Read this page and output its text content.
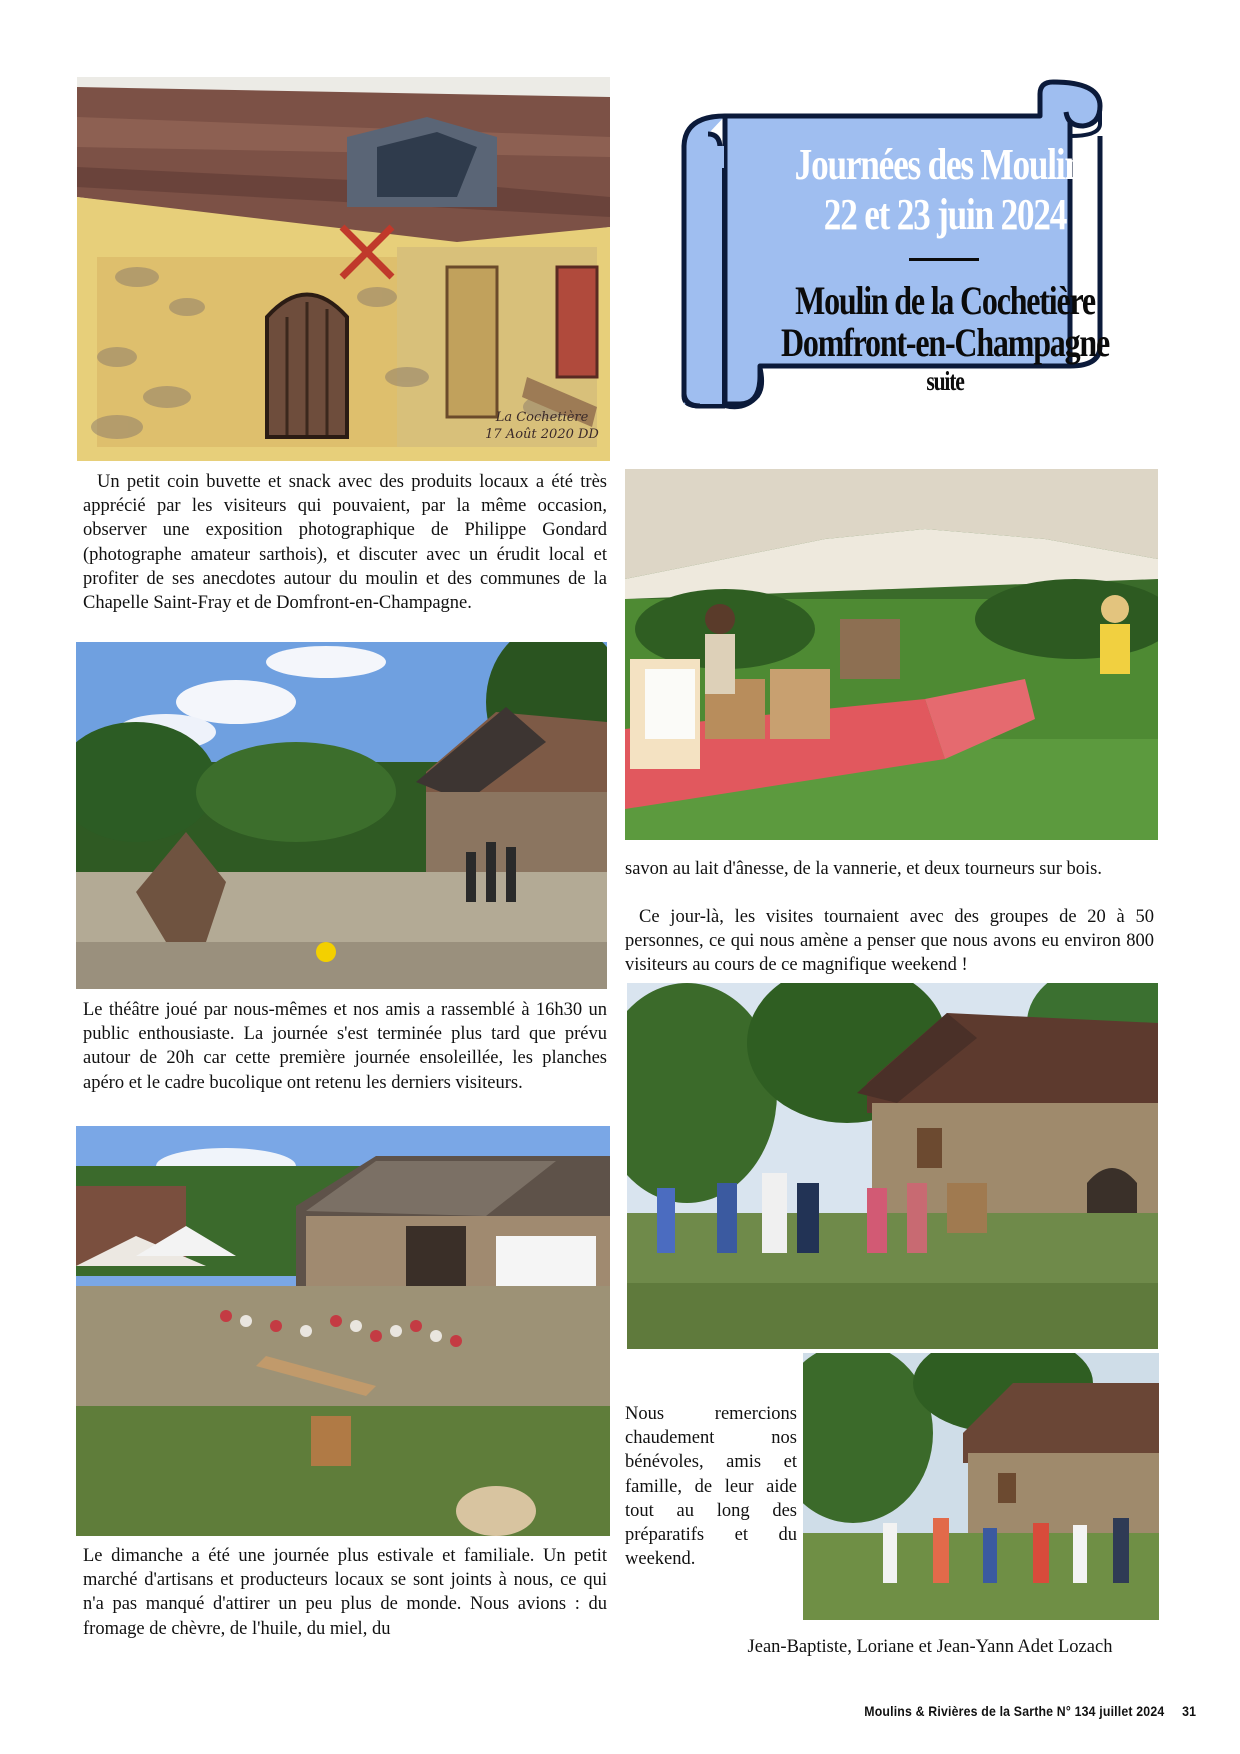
La Cochetière
17 Août 2020 DD

Journées des Moulins

22 et 23 juin 2024

Moulin de la Cochetière

Domfront-en-Champagne

suite

Un petit coin buvette et snack avec des produits locaux a été très apprécié par les visiteurs qui pouvaient, par la même occasion, observer une exposition photographique de Philippe Gondard (photographe amateur sarthois), et discuter avec un érudit local et profiter de ses anecdotes autour du moulin et des communes de la Chapelle Saint-Fray et de Domfront-en-Champagne.

Le théâtre joué par nous-mêmes et nos amis a rassemblé à 16h30 un public enthousiaste. La journée s'est terminée plus tard que prévu autour de 20h car cette première journée ensoleillée, les planches apéro et le cadre bucolique ont retenu les derniers visiteurs.

Le dimanche a été une journée plus estivale et familiale. Un petit marché d'artisans et producteurs locaux se sont joints à nous, ce qui n'a pas manqué d'attirer un peu plus de monde. Nous avions : du fromage de chèvre, de l'huile, du miel, du

savon au lait d'ânesse, de la vannerie, et deux tourneurs sur bois.

Ce jour-là, les visites tournaient avec des groupes de 20 à 50 personnes, ce qui nous amène a penser que nous avons eu environ 800 visiteurs au cours de ce magnifique weekend !

Nous remercions chaudement nos bénévoles, amis et famille, de leur aide tout au long des préparatifs et du weekend.

Jean-Baptiste, Loriane et Jean-Yann Adet Lozach
Moulins & Rivières de la Sarthe N° 134 juillet 2024 31
